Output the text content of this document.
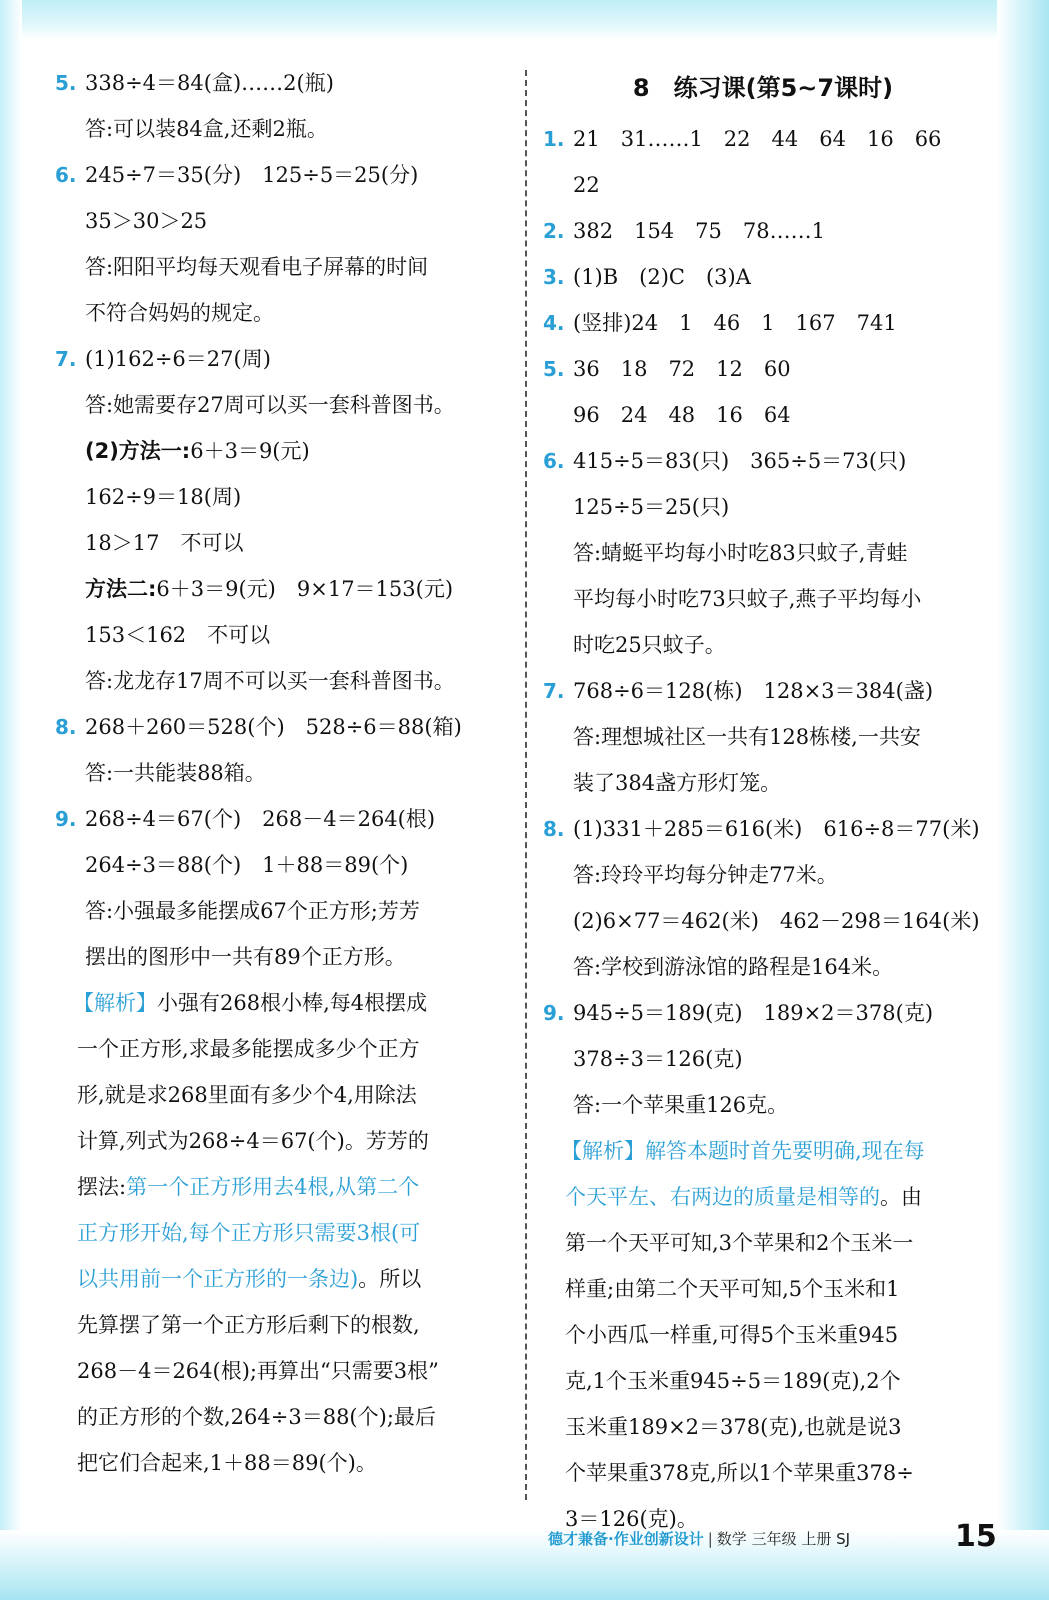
5. 338÷4＝84(盒)……2(瓶)
答:可以装84盒,还剩2瓶。
6. 245÷7＝35(分)　125÷5＝25(分)
35＞30＞25
答:阳阳平均每天观看电子屏幕的时间
不符合妈妈的规定。
7. (1)162÷6＝27(周)
答:她需要存27周可以买一套科普图书。
(2)方法一:6＋3＝9(元)
162÷9＝18(周)
18＞17　不可以
方法二:6＋3＝9(元)　9×17＝153(元)
153＜162　不可以
答:龙龙存17周不可以买一套科普图书。
8. 268＋260＝528(个)　528÷6＝88(箱)
答:一共能装88箱。
9. 268÷4＝67(个)　268－4＝264(根)
264÷3＝88(个)　1＋88＝89(个)
答:小强最多能摆成67个正方形;芳芳
摆出的图形中一共有89个正方形。
【解析】小强有268根小棒,每4根摆成
一个正方形,求最多能摆成多少个正方
形,就是求268里面有多少个4,用除法
计算,列式为268÷4＝67(个)。芳芳的
摆法:第一个正方形用去4根,从第二个
正方形开始,每个正方形只需要3根(可
以共用前一个正方形的一条边)。所以
先算摆了第一个正方形后剩下的根数,
268－4＝264(根);再算出“只需要3根”
的正方形的个数,264÷3＝88(个);最后
把它们合起来,1＋88＝89(个)。
8 练习课(第5~7课时)
1. 21　31……1　22　44　64　16　66
22
2. 382　154　75　78……1
3. (1)B　(2)C　(3)A
4. (竖排)24　1　46　1　167　741
5. 36　18　72　12　60
96　24　48　16　64
6. 415÷5＝83(只)　365÷5＝73(只)
125÷5＝25(只)
答:蜻蜓平均每小时吃83只蚊子,青蛙
平均每小时吃73只蚊子,燕子平均每小
时吃25只蚊子。
7. 768÷6＝128(栋)　128×3＝384(盏)
答:理想城社区一共有128栋楼,一共安
装了384盏方形灯笼。
8. (1)331＋285＝616(米)　616÷8＝77(米)
答:玲玲平均每分钟走77米。
(2)6×77＝462(米)　462－298＝164(米)
答:学校到游泳馆的路程是164米。
9. 945÷5＝189(克)　189×2＝378(克)
378÷3＝126(克)
答:一个苹果重126克。
【解析】解答本题时首先要明确,现在每
个天平左、右两边的质量是相等的。由
第一个天平可知,3个苹果和2个玉米一
样重;由第二个天平可知,5个玉米和1
个小西瓜一样重,可得5个玉米重945
克,1个玉米重945÷5＝189(克),2个
玉米重189×2＝378(克),也就是说3
个苹果重378克,所以1个苹果重378÷
3＝126(克)。
德才兼备·作业创新设计 | 数学 三年级 上册 SJ	15
